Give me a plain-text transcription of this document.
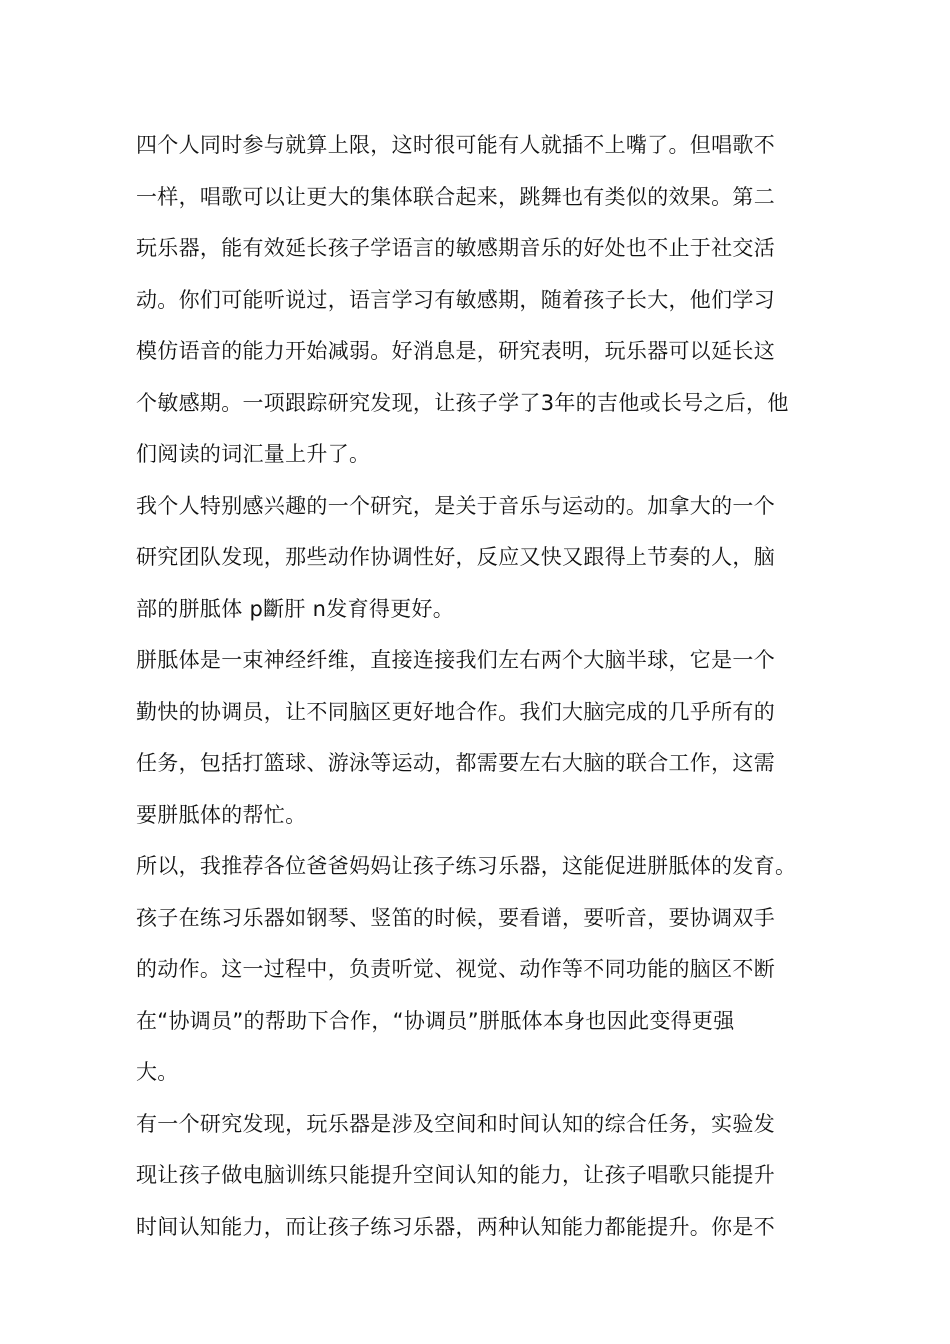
四个人同时参与就算上限，这时很可能有人就插不上嘴了。但唱歌不
一样，唱歌可以让更大的集体联合起来，跳舞也有类似的效果。第二
玩乐器，能有效延长孩子学语言的敏感期音乐的好处也不止于社交活
动。你们可能听说过，语言学习有敏感期，随着孩子长大，他们学习
模仿语音的能力开始减弱。好消息是，研究表明，玩乐器可以延长这
个敏感期。一项跟踪研究发现，让孩子学了3年的吉他或长号之后，他
们阅读的词汇量上升了。
我个人特别感兴趣的一个研究，是关于音乐与运动的。加拿大的一个
研究团队发现，那些动作协调性好，反应又快又跟得上节奏的人，脑
部的胼胝体 p斷肝 n发育得更好。
胼胝体是一束神经纤维，直接连接我们左右两个大脑半球，它是一个
勤快的协调员，让不同脑区更好地合作。我们大脑完成的几乎所有的
任务，包括打篮球、游泳等运动，都需要左右大脑的联合工作，这需
要胼胝体的帮忙。
所以，我推荐各位爸爸妈妈让孩子练习乐器，这能促进胼胝体的发育。
孩子在练习乐器如钢琴、竖笛的时候，要看谱，要听音，要协调双手
的动作。这一过程中，负责听觉、视觉、动作等不同功能的脑区不断
在“协调员”的帮助下合作，“协调员”胼胝体本身也因此变得更强
大。
有一个研究发现，玩乐器是涉及空间和时间认知的综合任务，实验发
现让孩子做电脑训练只能提升空间认知的能力，让孩子唱歌只能提升
时间认知能力，而让孩子练习乐器，两种认知能力都能提升。你是不
